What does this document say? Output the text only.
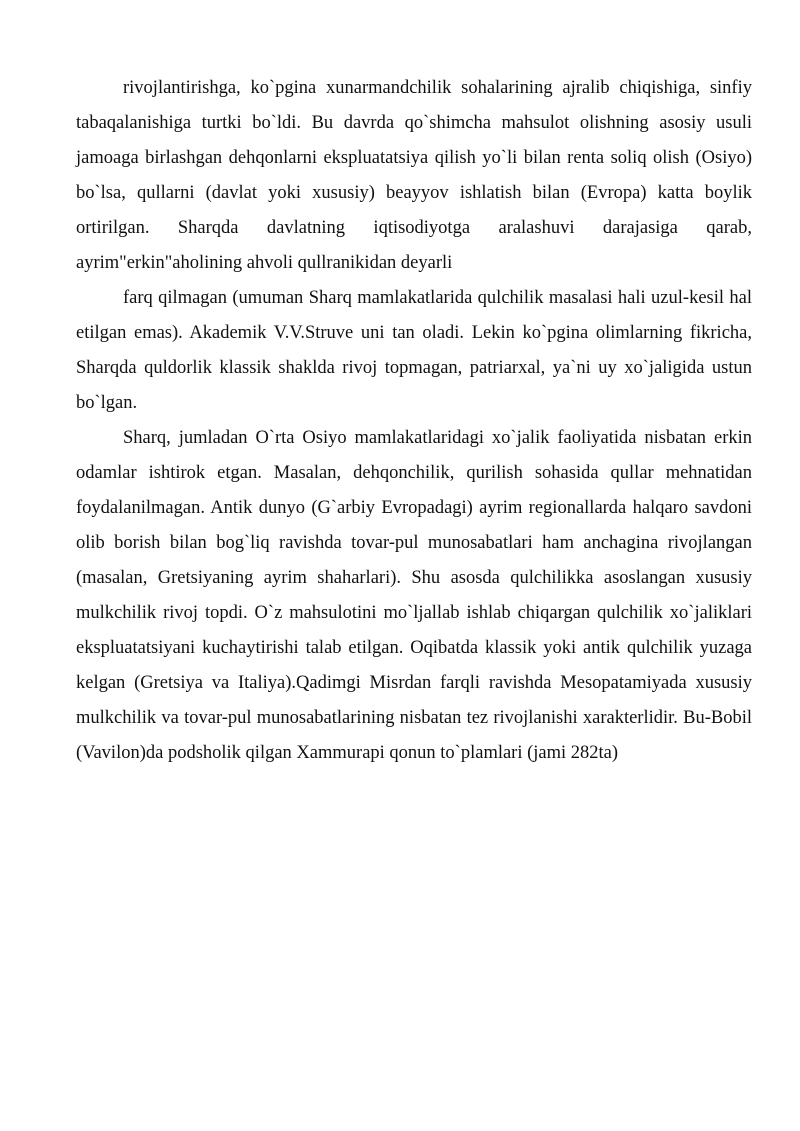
rivojlantirishga, ko`pgina xunarmandchilik sohalarining ajralib chiqishiga, sinfiy tabaqalanishiga turtki bo`ldi. Bu davrda qo`shimcha mahsulot olishning asosiy usuli jamoaga birlashgan dehqonlarni ekspluatatsiya qilish yo`li bilan renta soliq olish (Osiyo) bo`lsa, qullarni (davlat yoki xususiy) beayyov ishlatish bilan (Evropa) katta boylik ortirilgan. Sharqda davlatning iqtisodiyotga aralashuvi darajasiga qarab, ayrim"erkin"aholining ahvoli qullranikidan deyarli

farq qilmagan (umuman Sharq mamlakatlarida qulchilik masalasi hali uzul-kesil hal etilgan emas). Akademik V.V.Struve uni tan oladi. Lekin ko`pgina olimlarning fikricha, Sharqda quldorlik klassik shaklda rivoj topmagan, patriarxal, ya`ni uy xo`jaligida ustun bo`lgan.

Sharq, jumladan O`rta Osiyo mamlakatlaridagi xo`jalik faoliyatida nisbatan erkin odamlar ishtirok etgan. Masalan, dehqonchilik, qurilish sohasida qullar mehnatidan foydalanilmagan. Antik dunyo (G`arbiy Evropadagi) ayrim regionallarda halqaro savdoni olib borish bilan bog`liq ravishda tovar-pul munosabatlari ham anchagina rivojlangan (masalan, Gretsiyaning ayrim shaharlari). Shu asosda qulchilikka asoslangan xususiy mulkchilik rivoj topdi. O`z mahsulotini mo`ljallab ishlab chiqargan qulchilik xo`jaliklari ekspluatatsiyani kuchaytirishi talab etilgan. Oqibatda klassik yoki antik qulchilik yuzaga kelgan (Gretsiya va Italiya).Qadimgi Misrdan farqli ravishda Mesopatamiyada xususiy mulkchilik va tovar-pul munosabatlarining nisbatan tez rivojlanishi xarakterlidir. Bu-Bobil (Vavilon)da podsholik qilgan Xammurapi qonun to`plamlari (jami 282ta)
